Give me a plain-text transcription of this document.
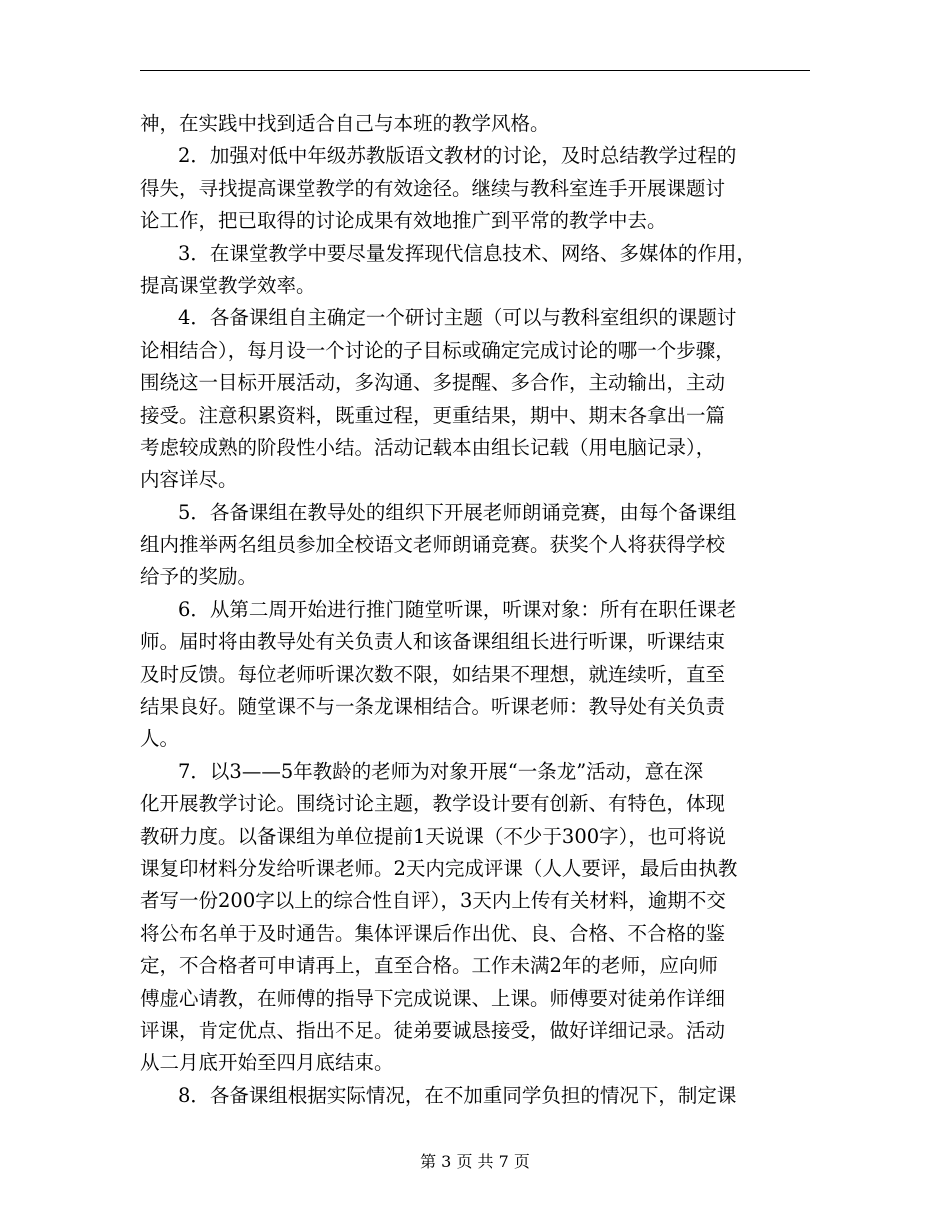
神，在实践中找到适合自己与本班的教学风格。
2．加强对低中年级苏教版语文教材的讨论，及时总结教学过程的
得失，寻找提高课堂教学的有效途径。继续与教科室连手开展课题讨
论工作，把已取得的讨论成果有效地推广到平常的教学中去。
3．在课堂教学中要尽量发挥现代信息技术、网络、多媒体的作用，
提高课堂教学效率。
4．各备课组自主确定一个研讨主题（可以与教科室组织的课题讨
论相结合），每月设一个讨论的子目标或确定完成讨论的哪一个步骤，
围绕这一目标开展活动，多沟通、多提醒、多合作，主动输出，主动
接受。注意积累资料，既重过程，更重结果，期中、期末各拿出一篇
考虑较成熟的阶段性小结。活动记载本由组长记载（用电脑记录），
内容详尽。
5．各备课组在教导处的组织下开展老师朗诵竞赛，由每个备课组
组内推举两名组员参加全校语文老师朗诵竞赛。获奖个人将获得学校
给予的奖励。
6．从第二周开始进行推门随堂听课，听课对象：所有在职任课老
师。届时将由教导处有关负责人和该备课组组长进行听课，听课结束
及时反馈。每位老师听课次数不限，如结果不理想，就连续听，直至
结果良好。随堂课不与一条龙课相结合。听课老师：教导处有关负责
人。
7．以3——5年教龄的老师为对象开展“一条龙”活动，意在深
化开展教学讨论。围绕讨论主题，教学设计要有创新、有特色，体现
教研力度。以备课组为单位提前1天说课（不少于300字），也可将说
课复印材料分发给听课老师。2天内完成评课（人人要评，最后由执教
者写一份200字以上的综合性自评），3天内上传有关材料，逾期不交
将公布名单于及时通告。集体评课后作出优、良、合格、不合格的鉴
定，不合格者可申请再上，直至合格。工作未满2年的老师，应向师
傅虚心请教，在师傅的指导下完成说课、上课。师傅要对徒弟作详细
评课，肯定优点、指出不足。徒弟要诚恳接受，做好详细记录。活动
从二月底开始至四月底结束。
8．各备课组根据实际情况，在不加重同学负担的情况下，制定课
第 3 页 共 7 页
